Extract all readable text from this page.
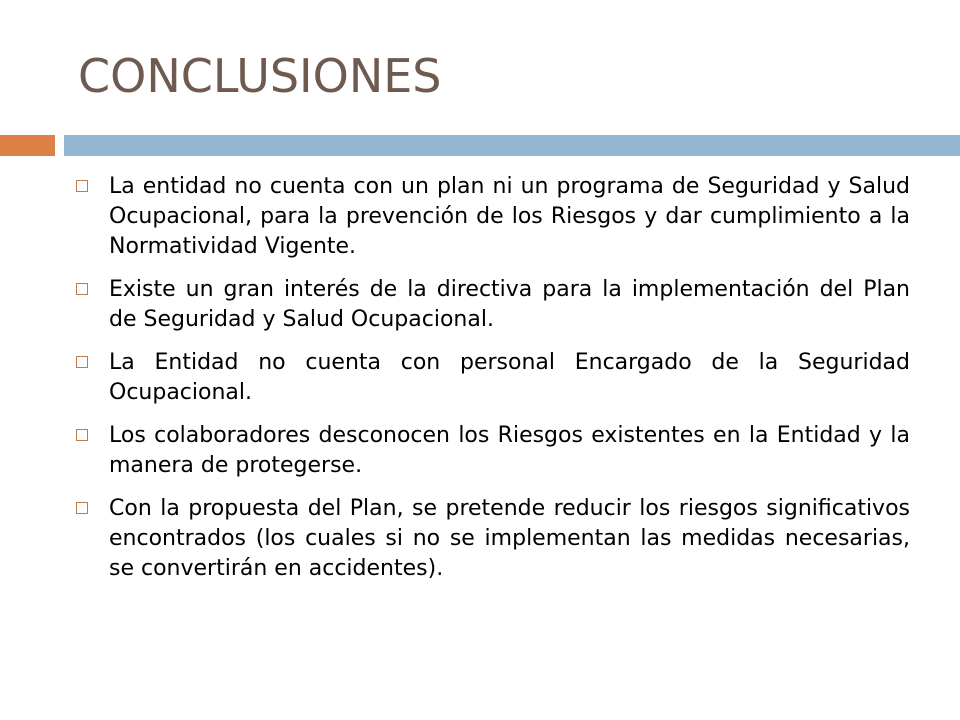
CONCLUSIONES
La entidad no cuenta con un plan ni un programa de Seguridad y Salud Ocupacional, para la prevención de los Riesgos y dar cumplimiento a la Normatividad Vigente.
Existe un gran interés de la directiva para la implementación del Plan de Seguridad y Salud Ocupacional.
La Entidad no cuenta con personal Encargado de la Seguridad Ocupacional.
Los colaboradores desconocen los Riesgos existentes en la Entidad y la manera de protegerse.
Con la propuesta del Plan, se pretende reducir los riesgos significativos encontrados (los cuales si no se implementan las medidas necesarias, se convertirán en accidentes).
